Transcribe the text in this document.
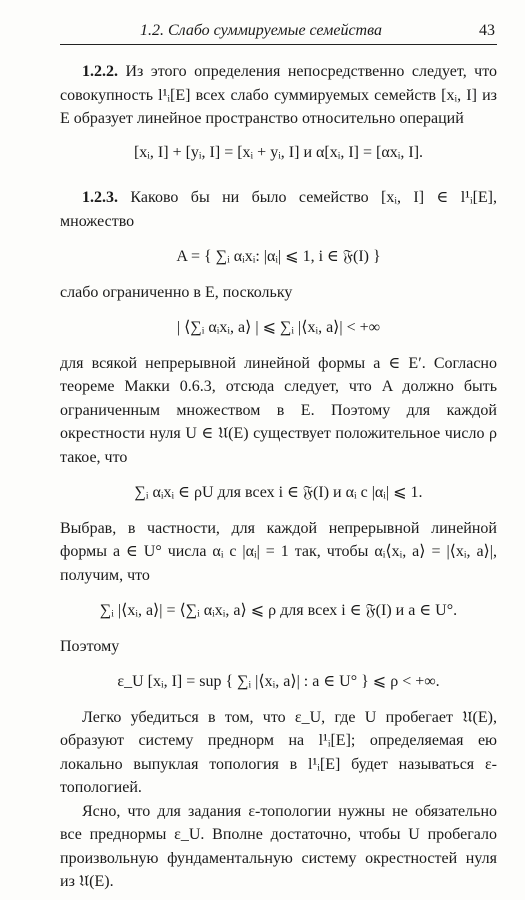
1.2. Слабо суммируемые семейства	43

1.2.2. Из этого определения непосредственно следует, что совокупность l¹ᵢ[E] всех слабо суммируемых семейств [xᵢ, I] из E образует линейное пространство относительно операций

[xᵢ, I] + [yᵢ, I] = [xᵢ + yᵢ, I] и α[xᵢ, I] = [αxᵢ, I].

1.2.3. Каково бы ни было семейство [xᵢ, I] ∈ l¹ᵢ[E], множество

A = { ∑ᵢ αᵢxᵢ: |αᵢ| ⩽ 1, i ∈ 𝔉(I) }

слабо ограниченно в E, поскольку

| ⟨∑ᵢ αᵢxᵢ, a⟩ | ⩽ ∑ᵢ |⟨xᵢ, a⟩| < +∞

для всякой непрерывной линейной формы a ∈ E′. Согласно теореме Макки 0.6.3, отсюда следует, что A должно быть ограниченным множеством в E. Поэтому для каждой окрестности нуля U ∈ 𝔘(E) существует положительное число ρ такое, что

∑ᵢ αᵢxᵢ ∈ ρU для всех i ∈ 𝔉(I) и αᵢ с |αᵢ| ⩽ 1.

Выбрав, в частности, для каждой непрерывной линейной формы a ∈ U° числа αᵢ с |αᵢ| = 1 так, чтобы αᵢ⟨xᵢ, a⟩ = |⟨xᵢ, a⟩|, получим, что

∑ᵢ |⟨xᵢ, a⟩| = ⟨∑ᵢ αᵢxᵢ, a⟩ ⩽ ρ для всех i ∈ 𝔉(I) и a ∈ U°.

Поэтому

ε_U [xᵢ, I] = sup { ∑ᵢ |⟨xᵢ, a⟩| : a ∈ U° } ⩽ ρ < +∞.

Легко убедиться в том, что ε_U, где U пробегает 𝔘(E), образуют систему преднорм на l¹ᵢ[E]; определяемая ею локально выпуклая топология в l¹ᵢ[E] будет называться ε-топологией.

Ясно, что для задания ε-топологии нужны не обязательно все преднормы ε_U. Вполне достаточно, чтобы U пробегало произвольную фундаментальную систему окрестностей нуля из 𝔘(E).
